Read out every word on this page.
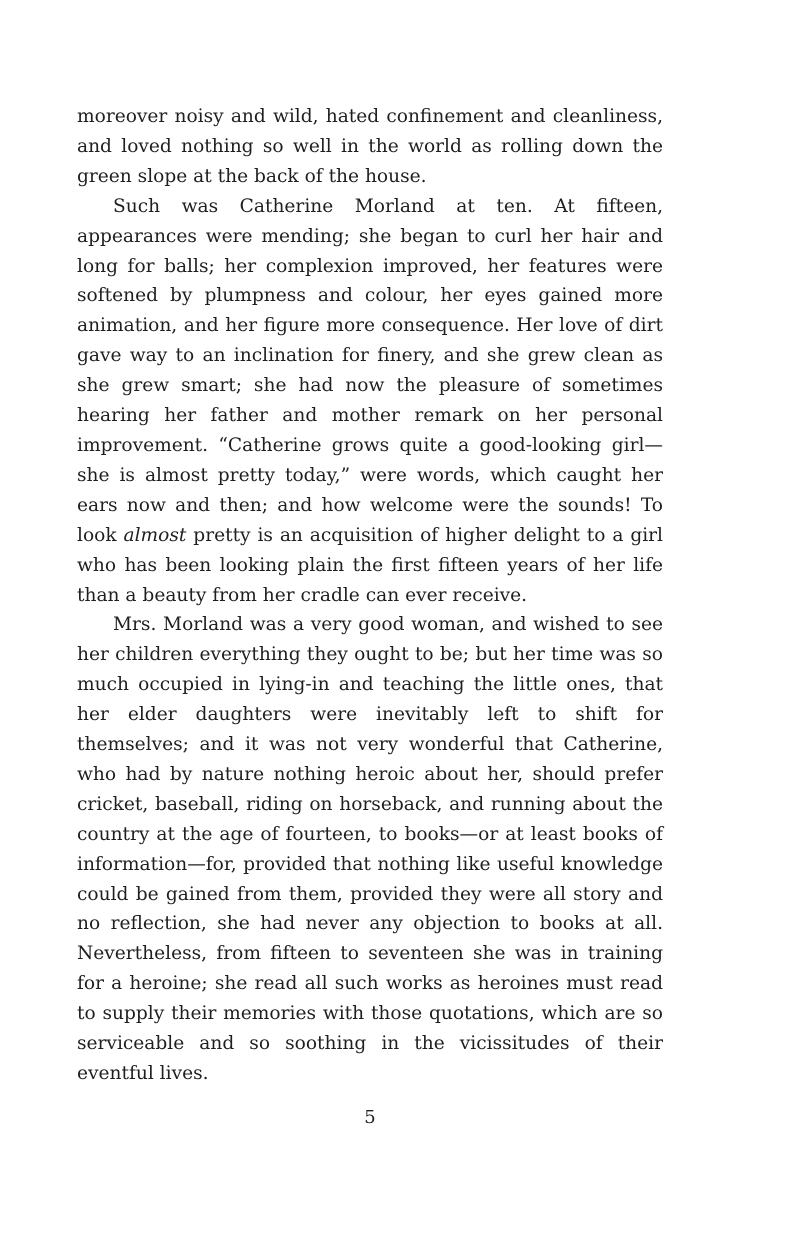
moreover noisy and wild, hated confinement and cleanliness, and loved nothing so well in the world as rolling down the green slope at the back of the house.

Such was Catherine Morland at ten. At fifteen, appearances were mending; she began to curl her hair and long for balls; her complexion improved, her features were softened by plumpness and colour, her eyes gained more animation, and her figure more consequence. Her love of dirt gave way to an inclination for finery, and she grew clean as she grew smart; she had now the pleasure of sometimes hearing her father and mother remark on her personal improvement. “Catherine grows quite a good-looking girl—she is almost pretty today,” were words, which caught her ears now and then; and how welcome were the sounds! To look almost pretty is an acquisition of higher delight to a girl who has been looking plain the first fifteen years of her life than a beauty from her cradle can ever receive.

Mrs. Morland was a very good woman, and wished to see her children everything they ought to be; but her time was so much occupied in lying-in and teaching the little ones, that her elder daughters were inevitably left to shift for themselves; and it was not very wonderful that Catherine, who had by nature nothing heroic about her, should prefer cricket, baseball, riding on horseback, and running about the country at the age of fourteen, to books—or at least books of information—for, provided that nothing like useful knowledge could be gained from them, provided they were all story and no reflection, she had never any objection to books at all. Nevertheless, from fifteen to seventeen she was in training for a heroine; she read all such works as heroines must read to supply their memories with those quotations, which are so serviceable and so soothing in the vicissitudes of their eventful lives.

5
